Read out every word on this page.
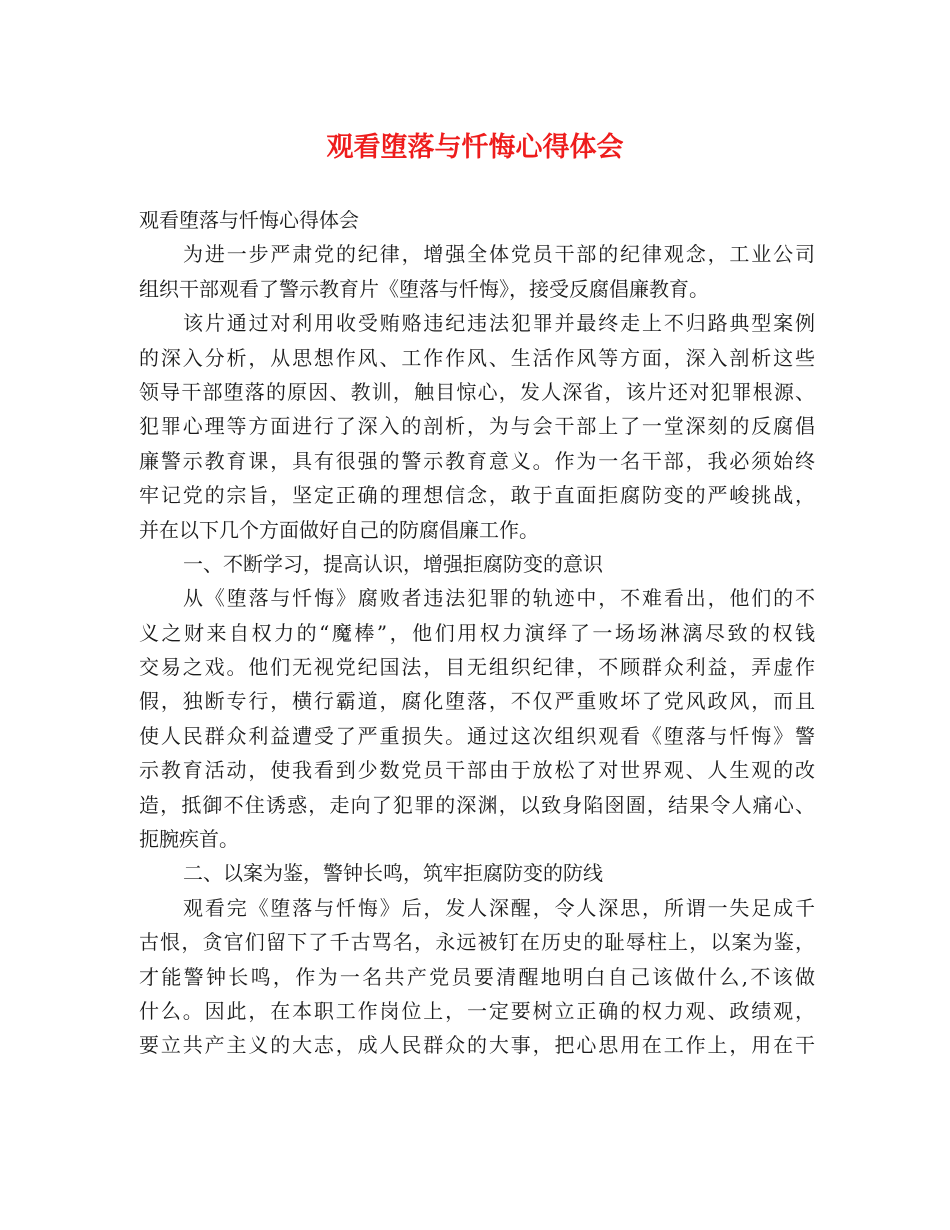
观看堕落与忏悔心得体会
观看堕落与忏悔心得体会
为进一步严肃党的纪律，增强全体党员干部的纪律观念，工业公司
组织干部观看了警示教育片《堕落与忏悔》，接受反腐倡廉教育。
该片通过对利用收受贿赂违纪违法犯罪并最终走上不归路典型案例
的深入分析，从思想作风、工作作风、生活作风等方面，深入剖析这些
领导干部堕落的原因、教训，触目惊心，发人深省，该片还对犯罪根源、
犯罪心理等方面进行了深入的剖析，为与会干部上了一堂深刻的反腐倡
廉警示教育课，具有很强的警示教育意义。作为一名干部，我必须始终
牢记党的宗旨，坚定正确的理想信念，敢于直面拒腐防变的严峻挑战，
并在以下几个方面做好自己的防腐倡廉工作。
一、不断学习，提高认识，增强拒腐防变的意识
从《堕落与忏悔》腐败者违法犯罪的轨迹中，不难看出，他们的不
义之财来自权力的“魔棒”，他们用权力演绎了一场场淋漓尽致的权钱
交易之戏。他们无视党纪国法，目无组织纪律，不顾群众利益，弄虚作
假，独断专行，横行霸道，腐化堕落，不仅严重败坏了党风政风，而且
使人民群众利益遭受了严重损失。通过这次组织观看《堕落与忏悔》警
示教育活动，使我看到少数党员干部由于放松了对世界观、人生观的改
造，抵御不住诱惑，走向了犯罪的深渊，以致身陷囹圄，结果令人痛心、
扼腕疾首。
二、以案为鉴，警钟长鸣，筑牢拒腐防变的防线
观看完《堕落与忏悔》后，发人深醒，令人深思，所谓一失足成千
古恨，贪官们留下了千古骂名，永远被钉在历史的耻辱柱上，以案为鉴，
才能警钟长鸣，作为一名共产党员要清醒地明白自己该做什么,不该做
什么。因此，在本职工作岗位上，一定要树立正确的权力观、政绩观，
要立共产主义的大志，成人民群众的大事，把心思用在工作上，用在干
